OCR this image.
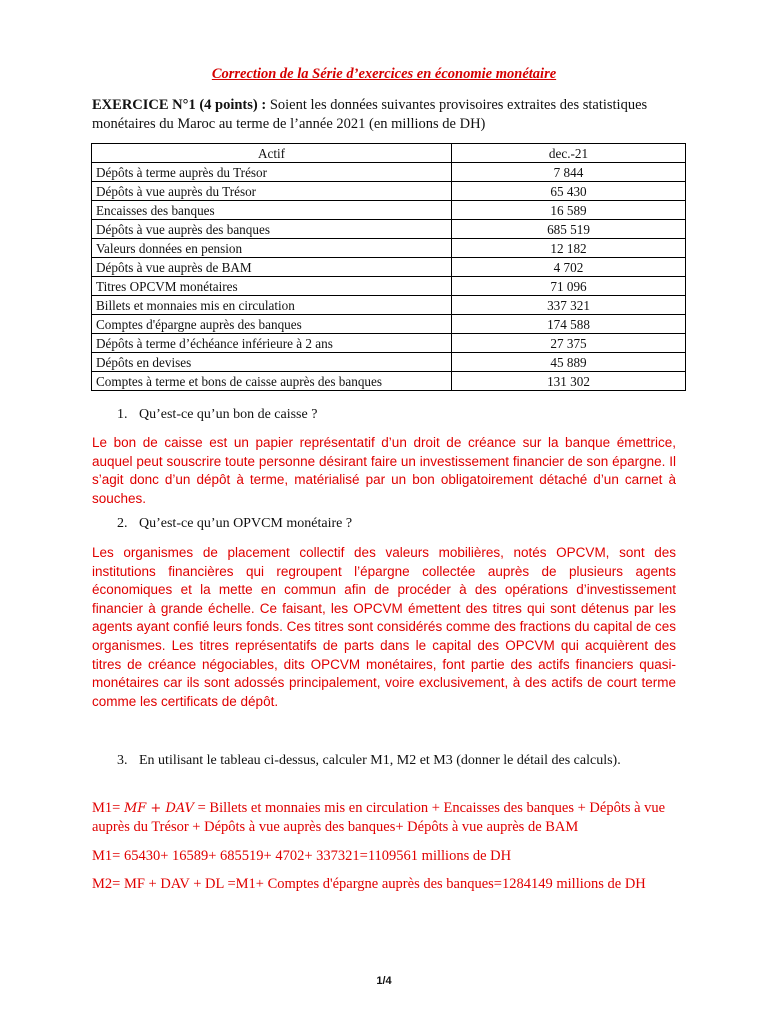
Correction de la Série d’exercices en économie monétaire
EXERCICE N°1 (4 points) : Soient les données suivantes provisoires extraites des statistiques monétaires du Maroc au terme de l’année 2021 (en millions de DH)
Actif	dec.-21
Dépôts à terme auprès du Trésor	7 844
Dépôts à vue auprès du Trésor	65 430
Encaisses des banques	16 589
Dépôts à vue auprès des banques	685 519
Valeurs données en pension	12 182
Dépôts à vue auprès de BAM	4 702
Titres OPCVM monétaires	71 096
Billets et monnaies mis en circulation	337 321
Comptes d'épargne auprès des banques	174 588
Dépôts à terme d’échéance inférieure à 2 ans	27 375
Dépôts en devises	45 889
Comptes à terme et bons de caisse auprès des banques	131 302
1. Qu’est-ce qu’un bon de caisse ?
Le bon de caisse est un papier représentatif d’un droit de créance sur la banque émettrice, auquel peut souscrire toute personne désirant faire un investissement financier de son épargne. Il s’agit donc d’un dépôt à terme, matérialisé par un bon obligatoirement détaché d’un carnet à souches.
2. Qu’est-ce qu’un OPVCM monétaire ?
Les organismes de placement collectif des valeurs mobilières, notés OPCVM, sont des institutions financières qui regroupent l’épargne collectée auprès de plusieurs agents économiques et la mette en commun afin de procéder à des opérations d’investissement financier à grande échelle. Ce faisant, les OPCVM émettent des titres qui sont détenus par les agents ayant confié leurs fonds. Ces titres sont considérés comme des fractions du capital de ces organismes. Les titres représentatifs de parts dans le capital des OPCVM qui acquièrent des titres de créance négociables, dits OPCVM monétaires, font partie des actifs financiers quasi-monétaires car ils sont adossés principalement, voire exclusivement, à des actifs de court terme comme les certificats de dépôt.
3. En utilisant le tableau ci-dessus, calculer M1, M2 et M3 (donner le détail des calculs).
M1= MF + DAV = Billets et monnaies mis en circulation + Encaisses des banques + Dépôts à vue auprès du Trésor + Dépôts à vue auprès des banques+ Dépôts à vue auprès de BAM
M1= 65430+ 16589+ 685519+ 4702+ 337321=1109561 millions de DH
M2= MF + DAV + DL =M1+ Comptes d'épargne auprès des banques=1284149 millions de DH
1/4
